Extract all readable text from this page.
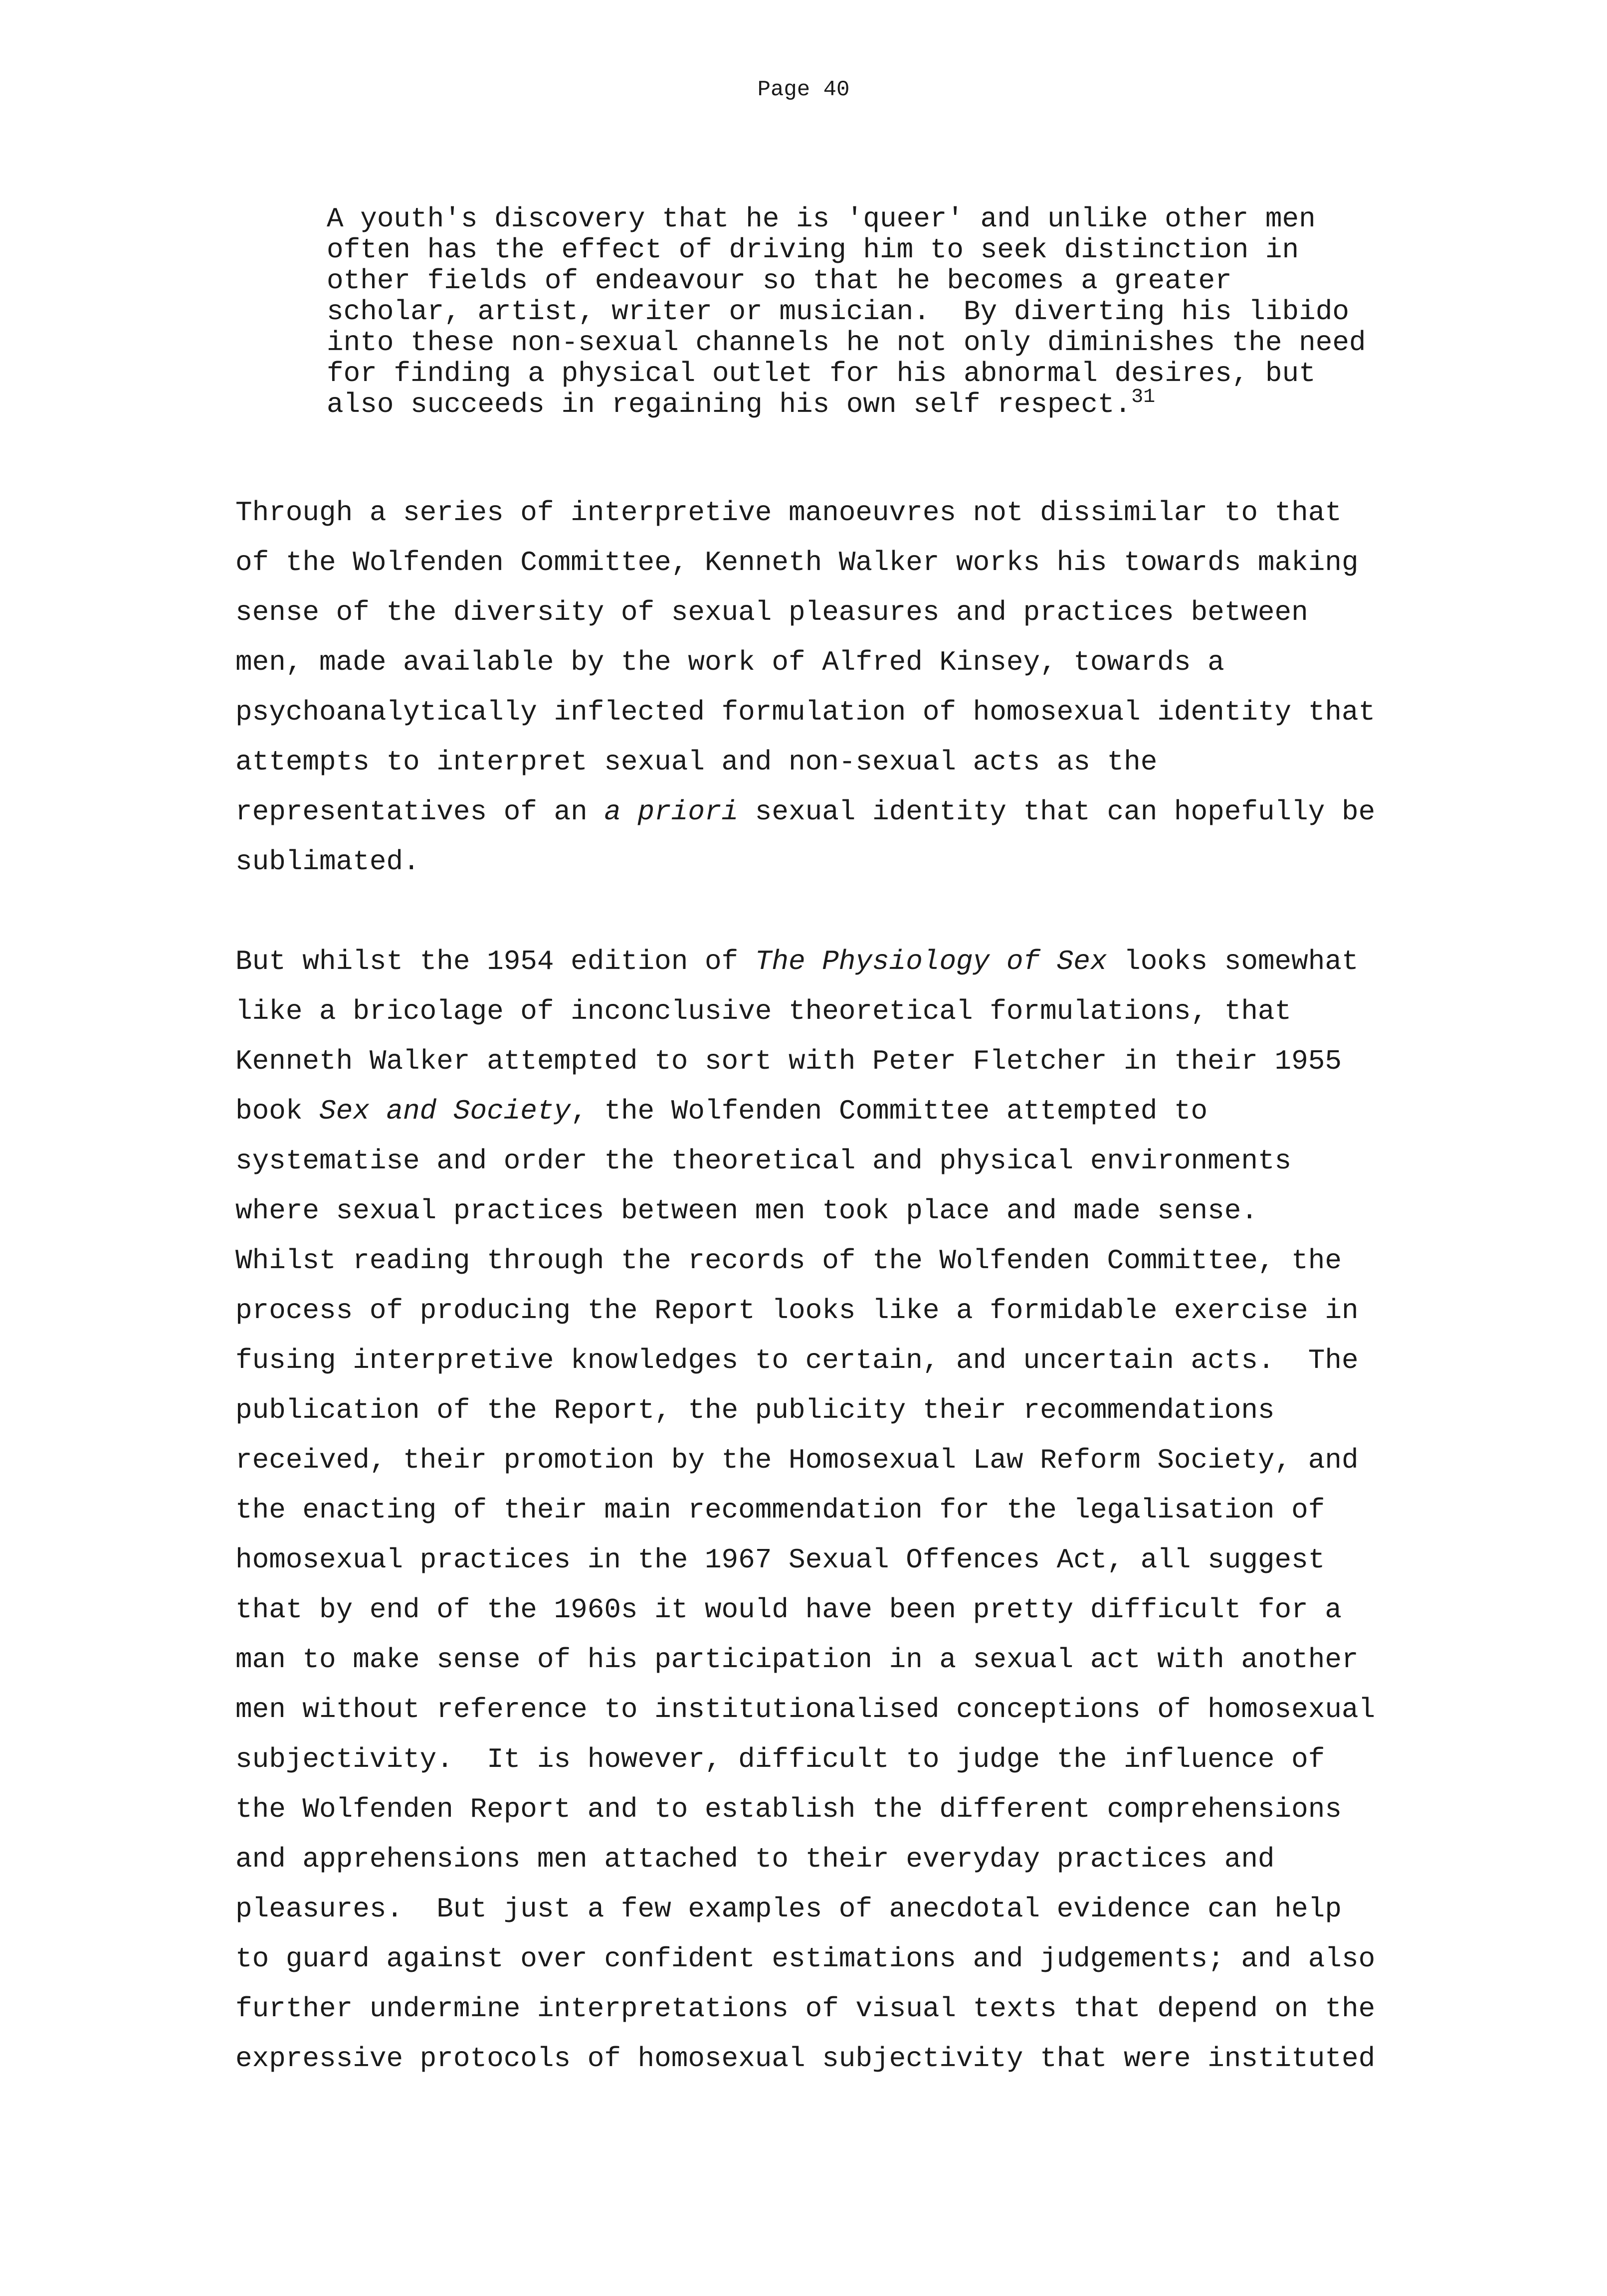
Page 40
A youth's discovery that he is 'queer' and unlike other men
often has the effect of driving him to seek distinction in
other fields of endeavour so that he becomes a greater
scholar, artist, writer or musician.  By diverting his libido
into these non-sexual channels he not only diminishes the need
for finding a physical outlet for his abnormal desires, but
also succeeds in regaining his own self respect.$^{31}$
Through a series of interpretive manoeuvres not dissimilar to that
of the Wolfenden Committee, Kenneth Walker works his towards making
sense of the diversity of sexual pleasures and practices between
men, made available by the work of Alfred Kinsey, towards a
psychoanalytically inflected formulation of homosexual identity that
attempts to interpret sexual and non-sexual acts as the
representatives of an a priori sexual identity that can hopefully be
sublimated.
But whilst the 1954 edition of The Physiology of Sex looks somewhat
like a bricolage of inconclusive theoretical formulations, that
Kenneth Walker attempted to sort with Peter Fletcher in their 1955
book Sex and Society, the Wolfenden Committee attempted to
systematise and order the theoretical and physical environments
where sexual practices between men took place and made sense.
Whilst reading through the records of the Wolfenden Committee, the
process of producing the Report looks like a formidable exercise in
fusing interpretive knowledges to certain, and uncertain acts.  The
publication of the Report, the publicity their recommendations
received, their promotion by the Homosexual Law Reform Society, and
the enacting of their main recommendation for the legalisation of
homosexual practices in the 1967 Sexual Offences Act, all suggest
that by end of the 1960s it would have been pretty difficult for a
man to make sense of his participation in a sexual act with another
men without reference to institutionalised conceptions of homosexual
subjectivity.  It is however, difficult to judge the influence of
the Wolfenden Report and to establish the different comprehensions
and apprehensions men attached to their everyday practices and
pleasures.  But just a few examples of anecdotal evidence can help
to guard against over confident estimations and judgements; and also
further undermine interpretations of visual texts that depend on the
expressive protocols of homosexual subjectivity that were instituted
